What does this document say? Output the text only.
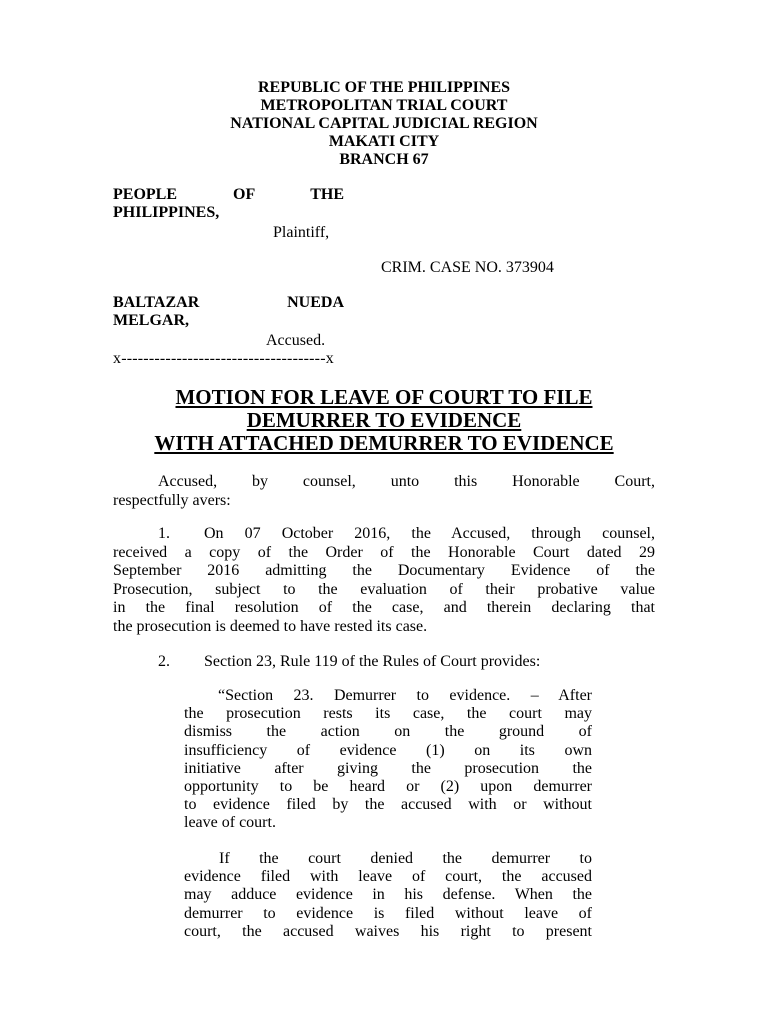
REPUBLIC OF THE PHILIPPINES
METROPOLITAN TRIAL COURT
NATIONAL CAPITAL JUDICIAL REGION
MAKATI CITY
BRANCH 67
PEOPLE	OF	THE
PHILIPPINES,
Plaintiff,
CRIM. CASE NO. 373904
BALTAZAR	NUEDA
MELGAR,
Accused.
x-------------------------------------x
MOTION FOR LEAVE OF COURT TO FILE
DEMURRER TO EVIDENCE
WITH ATTACHED DEMURRER TO EVIDENCE
Accused, by counsel, unto this Honorable Court,
respectfully avers:
1. On 07 October 2016, the Accused, through counsel,
received a copy of the Order of the Honorable Court dated 29
September 2016 admitting the Documentary Evidence of the
Prosecution, subject to the evaluation of their probative value
in the final resolution of the case, and therein declaring that
the prosecution is deemed to have rested its case.
2. Section 23, Rule 119 of the Rules of Court provides:
“Section 23. Demurrer to evidence. – After
the prosecution rests its case, the court may
dismiss the action on the ground of
insufficiency of evidence (1) on its own
initiative after giving the prosecution the
opportunity to be heard or (2) upon demurrer
to evidence filed by the accused with or without
leave of court.
If the court denied the demurrer to
evidence filed with leave of court, the accused
may adduce evidence in his defense. When the
demurrer to evidence is filed without leave of
court, the accused waives his right to present
